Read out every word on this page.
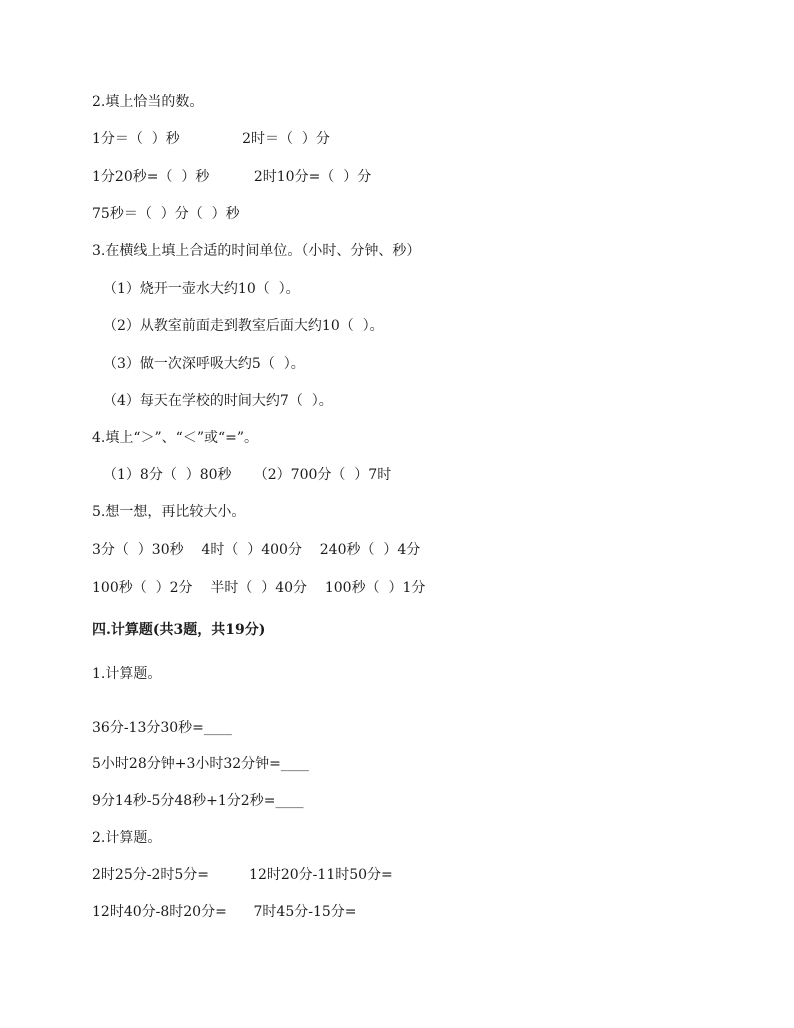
2.填上恰当的数。
1分＝（  ）秒              2时＝（  ）分
1分20秒=（  ）秒          2时10分=（  ）分
75秒＝（  ）分（  ）秒
3.在横线上填上合适的时间单位。（小时、分钟、秒）
（1）烧开一壶水大约10（  ）。
（2）从教室前面走到教室后面大约10（  ）。
（3）做一次深呼吸大约5（  ）。
（4）每天在学校的时间大约7（  ）。
4.填上“＞”、“＜”或“=”。
（1）8分（  ）80秒     （2）700分（  ）7时
5.想一想，再比较大小。
3分（  ）30秒    4时（  ）400分    240秒（  ）4分
100秒（  ）2分    半时（  ）40分    100秒（  ）1分
四.计算题(共3题，共19分)
1.计算题。
36分-13分30秒=____
5小时28分钟+3小时32分钟=____
9分14秒-5分48秒+1分2秒=____
2.计算题。
2时25分-2时5分=         12时20分-11时50分=
12时40分-8时20分=      7时45分-15分=
